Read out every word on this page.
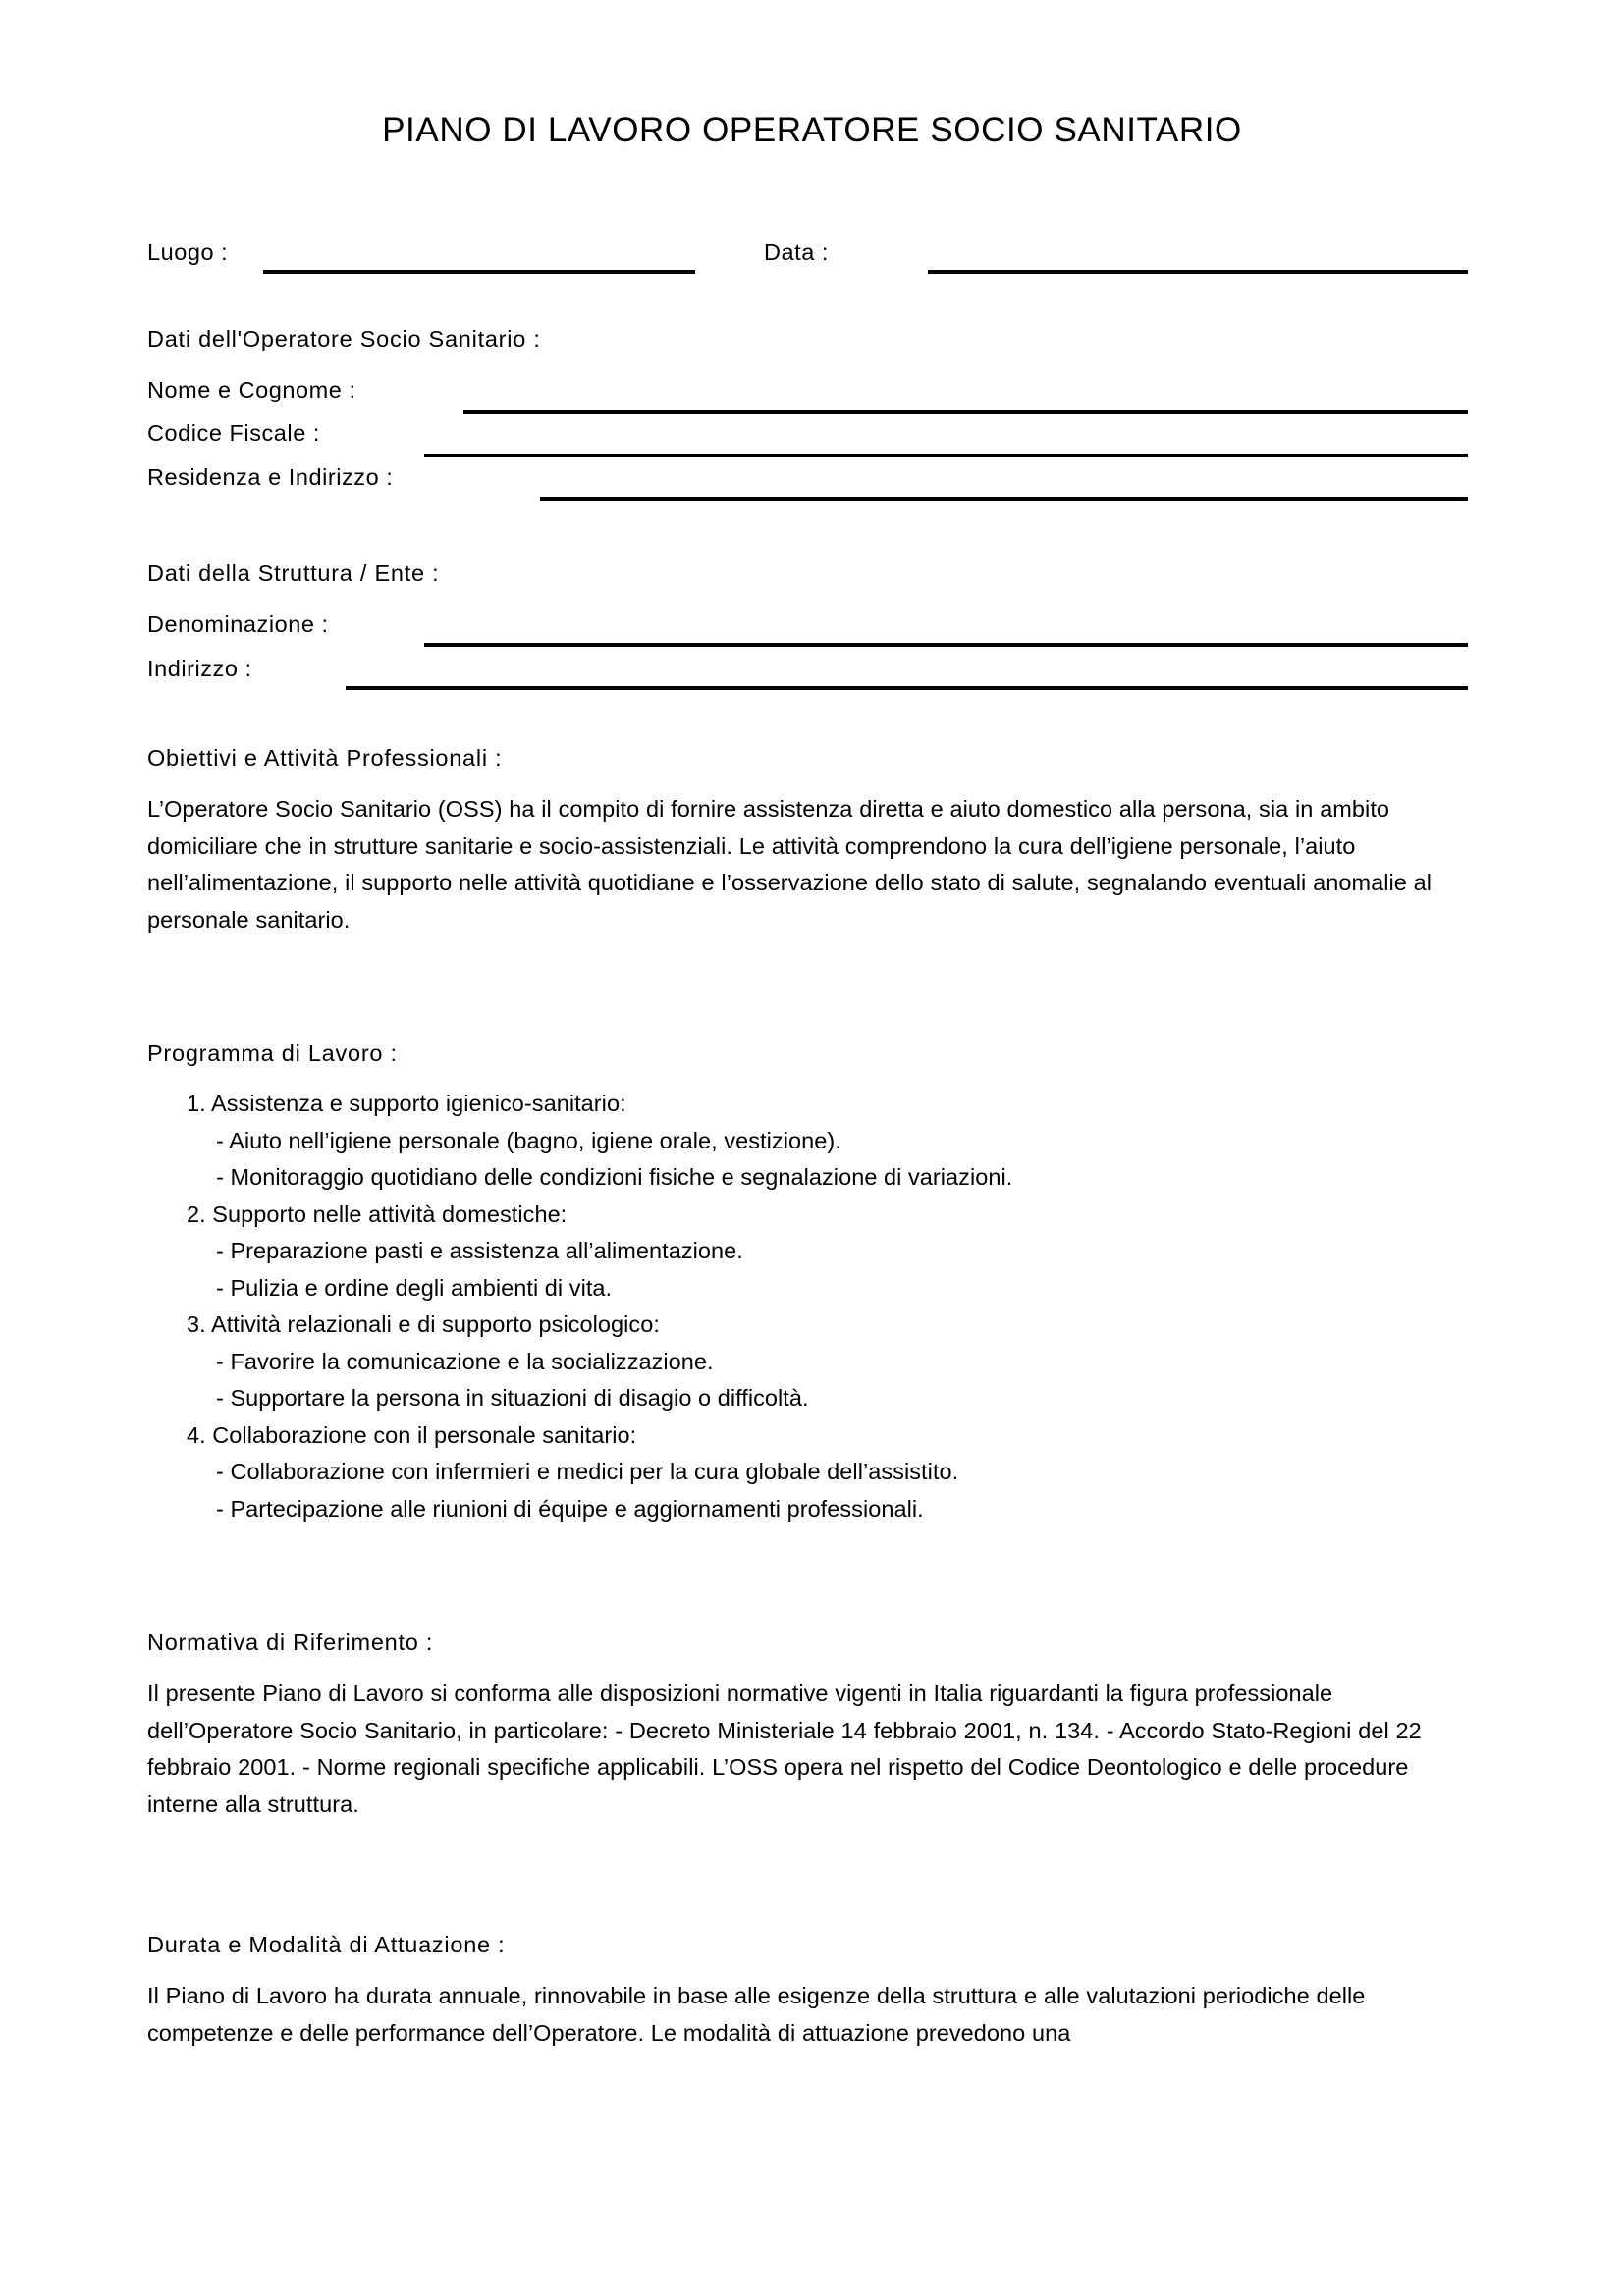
PIANO DI LAVORO OPERATORE SOCIO SANITARIO
Luogo :	Data :
Dati dell'Operatore Socio Sanitario :
Nome e Cognome :
Codice Fiscale :
Residenza e Indirizzo :
Dati della Struttura / Ente :
Denominazione :
Indirizzo :
Obiettivi e Attività Professionali :
L’Operatore Socio Sanitario (OSS) ha il compito di fornire assistenza diretta e aiuto domestico alla persona, sia in ambito domiciliare che in strutture sanitarie e socio-assistenziali. Le attività comprendono la cura dell’igiene personale, l’aiuto nell’alimentazione, il supporto nelle attività quotidiane e l’osservazione dello stato di salute, segnalando eventuali anomalie al personale sanitario.
Programma di Lavoro :
1. Assistenza e supporto igienico-sanitario:
- Aiuto nell’igiene personale (bagno, igiene orale, vestizione).
- Monitoraggio quotidiano delle condizioni fisiche e segnalazione di variazioni.
2. Supporto nelle attività domestiche:
- Preparazione pasti e assistenza all’alimentazione.
- Pulizia e ordine degli ambienti di vita.
3. Attività relazionali e di supporto psicologico:
- Favorire la comunicazione e la socializzazione.
- Supportare la persona in situazioni di disagio o difficoltà.
4. Collaborazione con il personale sanitario:
- Collaborazione con infermieri e medici per la cura globale dell’assistito.
- Partecipazione alle riunioni di équipe e aggiornamenti professionali.
Normativa di Riferimento :
Il presente Piano di Lavoro si conforma alle disposizioni normative vigenti in Italia riguardanti la figura professionale dell’Operatore Socio Sanitario, in particolare: - Decreto Ministeriale 14 febbraio 2001, n. 134. - Accordo Stato-Regioni del 22 febbraio 2001. - Norme regionali specifiche applicabili. L’OSS opera nel rispetto del Codice Deontologico e delle procedure interne alla struttura.
Durata e Modalità di Attuazione :
Il Piano di Lavoro ha durata annuale, rinnovabile in base alle esigenze della struttura e alle valutazioni periodiche delle competenze e delle performance dell’Operatore. Le modalità di attuazione prevedono una
